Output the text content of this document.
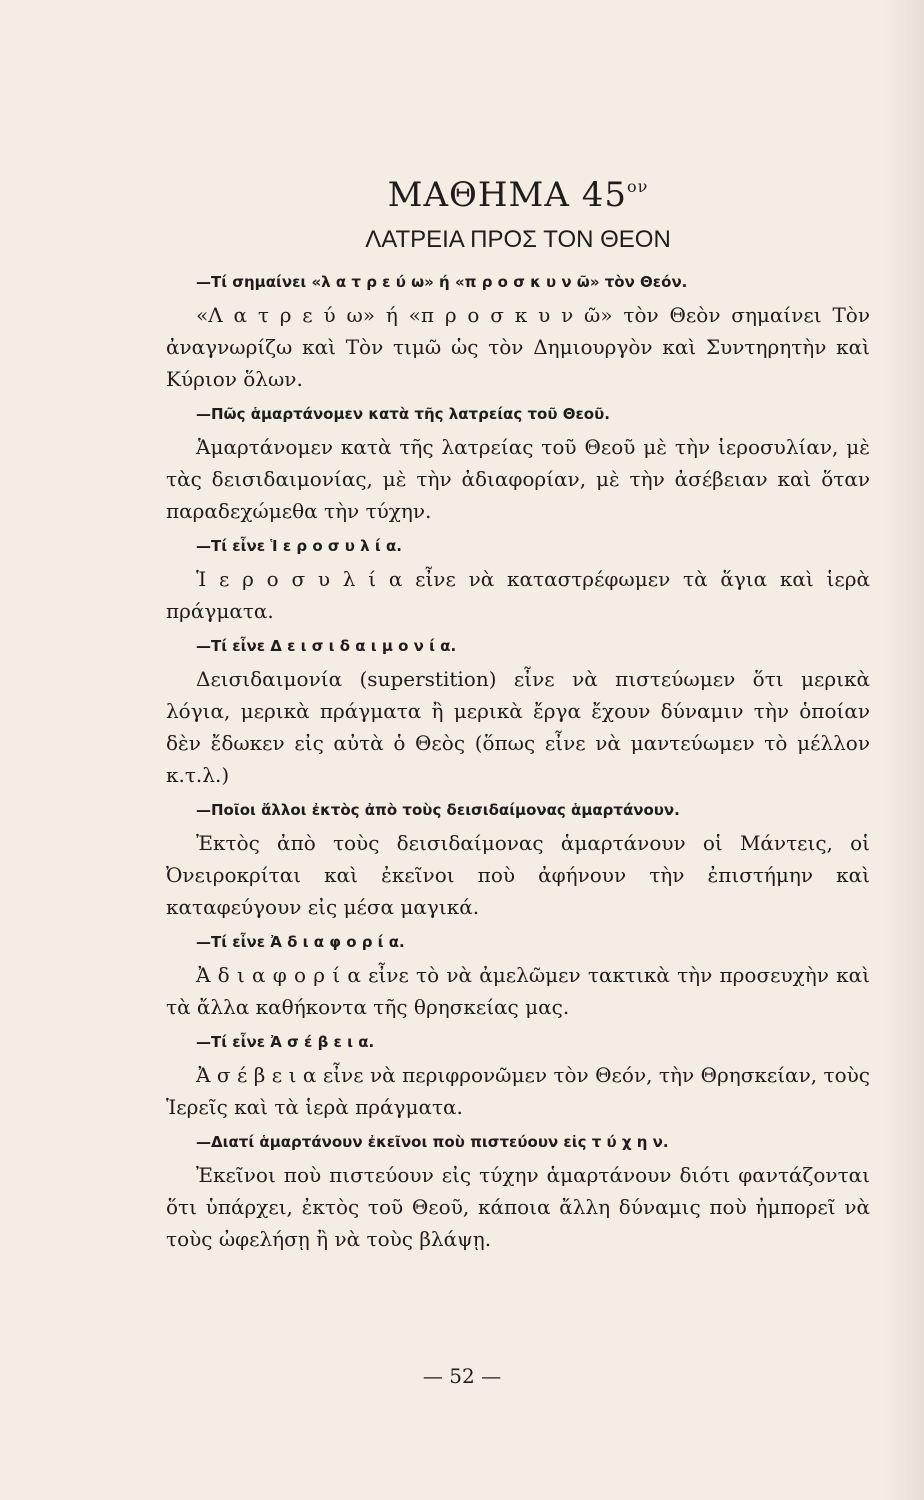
ΜΑΘΗΜΑ $45^{o\nu}$
ΛΑΤΡΕΙΑ ΠΡΟΣ ΤΟΝ ΘΕΟΝ

—Τί σημαίνει «λ α τ ρ ε ύ ω» ή «π ρ ο σ κ υ ν ῶ» τὸν Θεόν.

«Λ α τ ρ ε ύ ω» ή «π ρ ο σ κ υ ν ῶ» τὸν Θεὸν σημαίνει Τὸν ἀναγνωρίζω καὶ Τὸν τιμῶ ὡς τὸν Δημιουργὸν καὶ Συντηρητὴν καὶ Κύριον ὅλων.

—Πῶς ἁμαρτάνομεν κατὰ τῆς λατρείας τοῦ Θεοῦ.

Ἁμαρτάνομεν κατὰ τῆς λατρείας τοῦ Θεοῦ μὲ τὴν ἱεροσυλίαν, μὲ τὰς δεισιδαιμονίας, μὲ τὴν ἀδιαφορίαν, μὲ τὴν ἀσέβειαν καὶ ὅταν παραδεχώμεθα τὴν τύχην.

—Τί εἶνε Ἱ ε ρ ο σ υ λ ί α.

Ἱ ε ρ ο σ υ λ ί α εἶνε νὰ καταστρέφωμεν τὰ ἅγια καὶ ἱερὰ πράγματα.

—Τί εἶνε Δ ε ι σ ι δ α ι μ ο ν ί α.

Δεισιδαιμονία (superstition) εἶνε νὰ πιστεύωμεν ὅτι μερικὰ λόγια, μερικὰ πράγματα ἢ μερικὰ ἔργα ἔχουν δύναμιν τὴν ὁποίαν δὲν ἔδωκεν εἰς αὐτὰ ὁ Θεὸς (ὅπως εἶνε νὰ μαντεύωμεν τὸ μέλλον κ.τ.λ.)

—Ποῖοι ἄλλοι ἐκτὸς ἀπὸ τοὺς δεισιδαίμονας ἁμαρτάνουν.

Ἐκτὸς ἀπὸ τοὺς δεισιδαίμονας ἁμαρτάνουν οἱ Μάντεις, οἱ Ὀνειροκρίται καὶ ἐκεῖνοι ποὺ ἀφήνουν τὴν ἐπιστήμην καὶ καταφεύγουν εἰς μέσα μαγικά.

—Τί εἶνε Ἀ δ ι α φ ο ρ ί α.

Ἀ δ ι α φ ο ρ ί α εἶνε τὸ νὰ ἀμελῶμεν τακτικὰ τὴν προσευχὴν καὶ τὰ ἄλλα καθήκοντα τῆς θρησκείας μας.

—Τί εἶνε Ἀ σ έ β ε ι α.

Ἀ σ έ β ε ι α εἶνε νὰ περιφρονῶμεν τὸν Θεόν, τὴν Θρησκείαν, τοὺς Ἱερεῖς καὶ τὰ ἱερὰ πράγματα.

—Διατί ἁμαρτάνουν ἐκεῖνοι ποὺ πιστεύουν εἰς τ ύ χ η ν.

Ἐκεῖνοι ποὺ πιστεύουν εἰς τύχην ἁμαρτάνουν διότι φαντάζονται ὅτι ὑπάρχει, ἐκτὸς τοῦ Θεοῦ, κάποια ἄλλη δύναμις ποὺ ἠμπορεῖ νὰ τοὺς ὠφελήσῃ ἢ νὰ τοὺς βλάψῃ.

— 52 —
